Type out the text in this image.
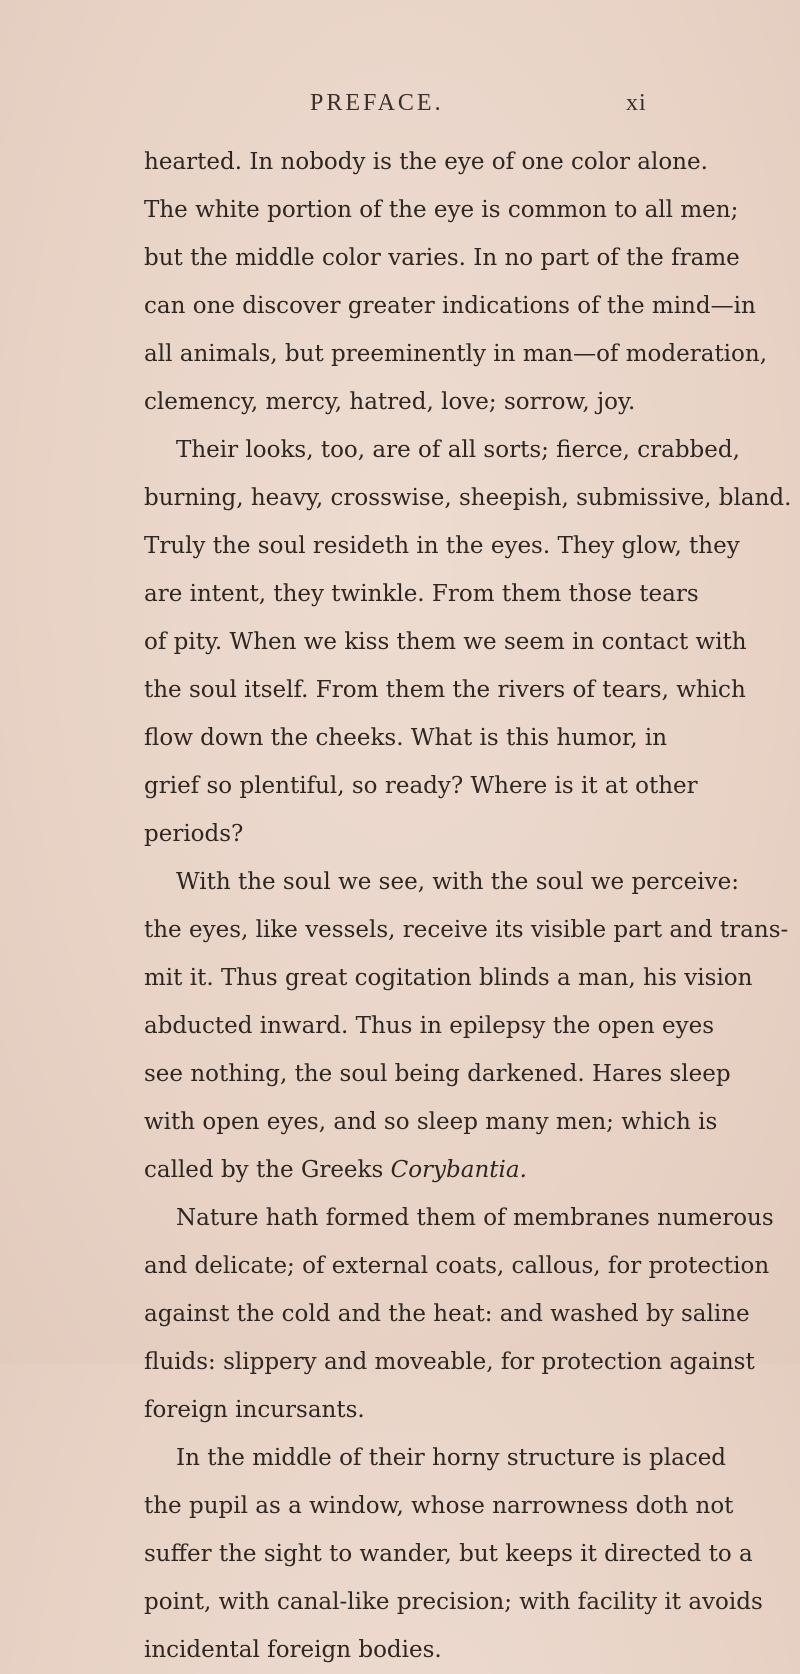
PREFACE.	xi
hearted. In nobody is the eye of one color alone.
The white portion of the eye is common to all men;
but the middle color varies. In no part of the frame
can one discover greater indications of the mind—in
all animals, but preeminently in man—of moderation,
clemency, mercy, hatred, love; sorrow, joy.
Their looks, too, are of all sorts; fierce, crabbed,
burning, heavy, crosswise, sheepish, submissive, bland.
Truly the soul resideth in the eyes. They glow, they
are intent, they twinkle. From them those tears
of pity. When we kiss them we seem in contact with
the soul itself. From them the rivers of tears, which
flow down the cheeks. What is this humor, in
grief so plentiful, so ready? Where is it at other
periods?
With the soul we see, with the soul we perceive:
the eyes, like vessels, receive its visible part and trans-
mit it. Thus great cogitation blinds a man, his vision
abducted inward. Thus in epilepsy the open eyes
see nothing, the soul being darkened. Hares sleep
with open eyes, and so sleep many men; which is
called by the Greeks Corybantia.
Nature hath formed them of membranes numerous
and delicate; of external coats, callous, for protection
against the cold and the heat: and washed by saline
fluids: slippery and moveable, for protection against
foreign incursants.
In the middle of their horny structure is placed
the pupil as a window, whose narrowness doth not
suffer the sight to wander, but keeps it directed to a
point, with canal-like precision; with facility it avoids
incidental foreign bodies.
